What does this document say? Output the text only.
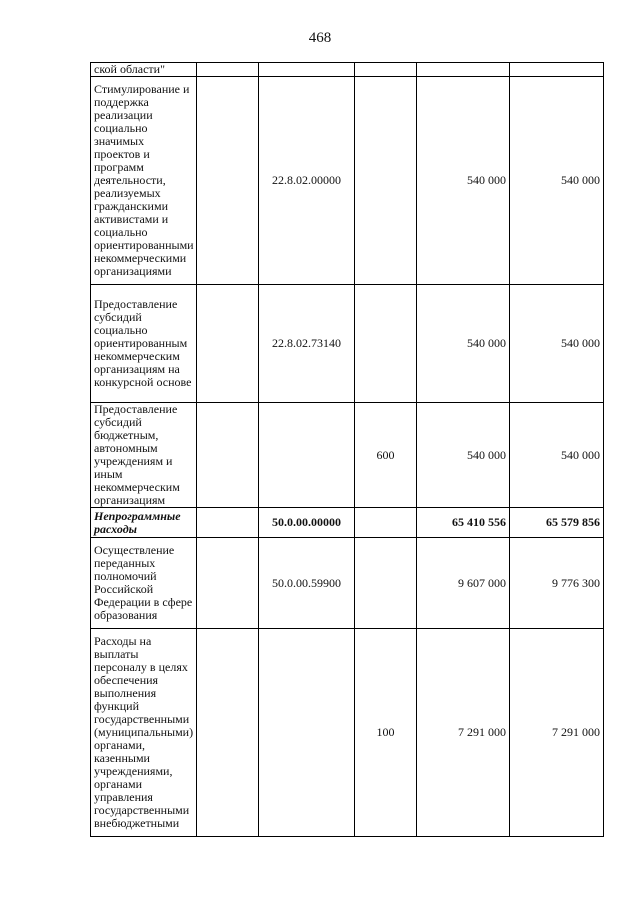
468
ской области"					
Стимулирование и поддержка реализации социально значимых проектов и программ деятельности, реализуемых гражданскими активистами и социально ориентированными некоммерческими организациями		22.8.02.00000		540 000	540 000
Предоставление субсидий социально ориентированным некоммерческим организациям на конкурсной основе		22.8.02.73140		540 000	540 000
Предоставление субсидий бюджетным, автономным учреждениям и иным некоммерческим организациям			600	540 000	540 000
Непрограммные расходы		50.0.00.00000		65 410 556	65 579 856
Осуществление переданных полномочий Российской Федерации в сфере образования		50.0.00.59900		9 607 000	9 776 300
Расходы на выплаты персоналу в целях обеспечения выполнения функций государственными (муниципальными) органами, казенными учреждениями, органами управления государственными внебюджетными			100	7 291 000	7 291 000
